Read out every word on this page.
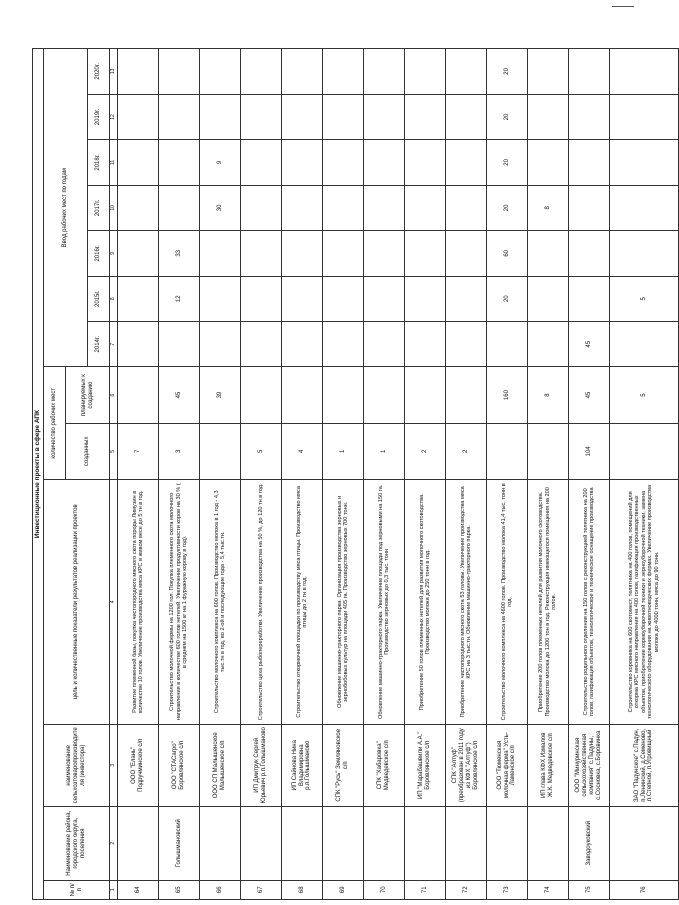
Инвестиционные проекты в сфере АПК												
№ п/п	Наименование района, городского округа, поселения	наименование сельхозтоваропроизводителя (инвестора)	цель и количественные показатели результатов реализации проектов	количество рабочих мест		Ввод рабочих мест по годам						
				созданных	планируемых к созданию							
						2014г.	2015г.	2016г.	2017г.	2018г.	2019г.	2020г.
1	2	3	4	5	6	7	8	9	10	11	12	13
64		ООО "Елань" Подручминское с/п	Развитие племенной базы, покупка чистопородного мясного скота породы Лимузин в количестве 10 голов. Увеличение производства мяса КРС в живом весе до 5 тн в год.	7								
65	Голышмановский	ООО "СТАСагро" Боровлянское с/п	Строительство молочной фермы на 1200 гол. Покупка племенного скота молочного направления в количестве 600 голов нетелей. Увеличение продуктивности коров на 30 % ( в среднем на 1500 кг на 1 фуражную корову в год).	3	45		12	33				
66		ООО СП Малышенское Малышенское с/п	Строительство молочного комплекса на 600 голов. Производство молока в 1 год - 4,3 тыс.тн в год, во 2-ой и последующие года - 5,4 тыс.тн.		39				30	9		
67		ИП Дмитрук Сергей Юрьевич р.п.Голышманово	Строительство цеха рыбопереработки. Увеличение производства на 50 %, до 120 тн в год.	5								
68		ИП Сайнова Нина Владимировна р.п.Голышманово	Строительство откормочной площадки по производству мяса птицы. Производство мяса птицы до 2 тн в год.	4								
69		СПК "Русь" Земляновское с/п	Обновление машинно-тракторного парка. Организация производства зерновых и зернобобовых культур на площади 405 га. Производство зерновых 700 тонн.	1								
70		СПК "Хабаровка" Медведевское с/п	Обновление машинно-тракторного парка. Увеличение площади под зерновыми на 150 га. Производство зерновых до 0,3 тыс. тонн	1								
71		ИП "Марабашвили А.А." Боровлянское с/п	Приобретение 50 голов племенных нетелей для развития молочного скотоводства. Производство молока до 250 тонн в год.	2								
72		СПК "Алтуф" (преобразован в 2011 году из КФХ "Алтуф") Боровлянское с/п	Приобретение чистопородного мясного скота 53 головы. Увеличение производства мяса КРС на 3 тыс.тн. Обновление машинно-тракторного парка.	2								
73		ООО "Тюменская молочная ферма" Усть-Ламенское с/п	Строительство молочного комплекса на 4600 голов. Производство молока 41,4 тыс. тонн в год.		160		20	60	20	20	20	20
74		ИП глава КФХ Измалов Ж.К. Медведевское с/п	Приобретение 200 голов племенных нетелей для развития молочного скотоводства. Производство молока до 1200 тон в год. Реконструкция имеющегося помещения на 200 голов.		8				8			
75	Заводоуковский	ООО "Минуринская сельскохозяйственная компания" с.Падуны, с.Сосновка, с.Боровинка	Строительство родильного отделения на 150 голов с реконструкцией телятника на 200 голов, газификация объектов, технологическое и техническое оснащение производства	104	45	45						
76		ЗАО "Падунское" с.Падун, п.Ленинский, д.Семеново, п.Степной, п.Угровищный	Строительство коровника на 600 скотомест, телятника на 400 голов, помещений для откорма КРС мясного направления на 400 голов, газификация производственных объектов, приобретение кормоуборочной техники и зерноуборочной техники, замена технологического оборудования на животноводческих фермах. Увеличение производства молока до 4000 тонн, мяса до 90 тонн.		5		5					
